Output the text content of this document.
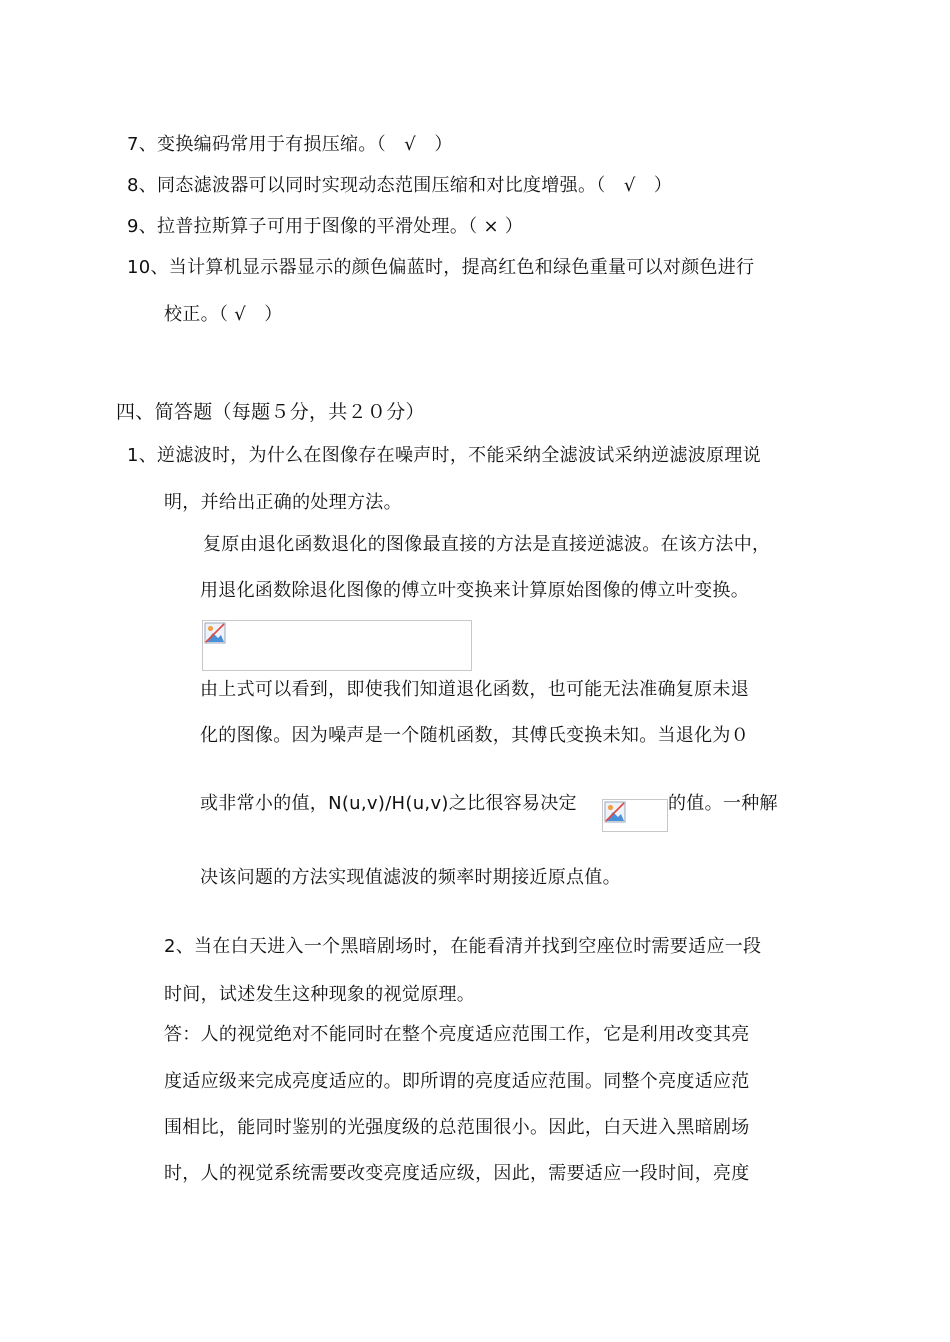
7、变换编码常用于有损压缩。（　√　）
8、同态滤波器可以同时实现动态范围压缩和对比度增强。（　√　）
9、拉普拉斯算子可用于图像的平滑处理。（ × ）
10、当计算机显示器显示的颜色偏蓝时，提高红色和绿色重量可以对颜色进行
校正。（ √　）
四、简答题（每题５分，共２０分）
1、逆滤波时，为什么在图像存在噪声时，不能采纳全滤波试采纳逆滤波原理说
明，并给出正确的处理方法。
复原由退化函数退化的图像最直接的方法是直接逆滤波。在该方法中，
用退化函数除退化图像的傅立叶变换来计算原始图像的傅立叶变换。
由上式可以看到，即使我们知道退化函数，也可能无法准确复原未退
化的图像。因为噪声是一个随机函数，其傅氏变换未知。当退化为０
或非常小的值，N(u,v)/H(u,v)之比很容易决定	的值。一种解
决该问题的方法实现值滤波的频率时期接近原点值。
2、当在白天进入一个黑暗剧场时，在能看清并找到空座位时需要适应一段
时间，试述发生这种现象的视觉原理。
答：人的视觉绝对不能同时在整个亮度适应范围工作，它是利用改变其亮
度适应级来完成亮度适应的。即所谓的亮度适应范围。同整个亮度适应范
围相比，能同时鉴别的光强度级的总范围很小。因此，白天进入黑暗剧场
时，人的视觉系统需要改变亮度适应级，因此，需要适应一段时间，亮度
